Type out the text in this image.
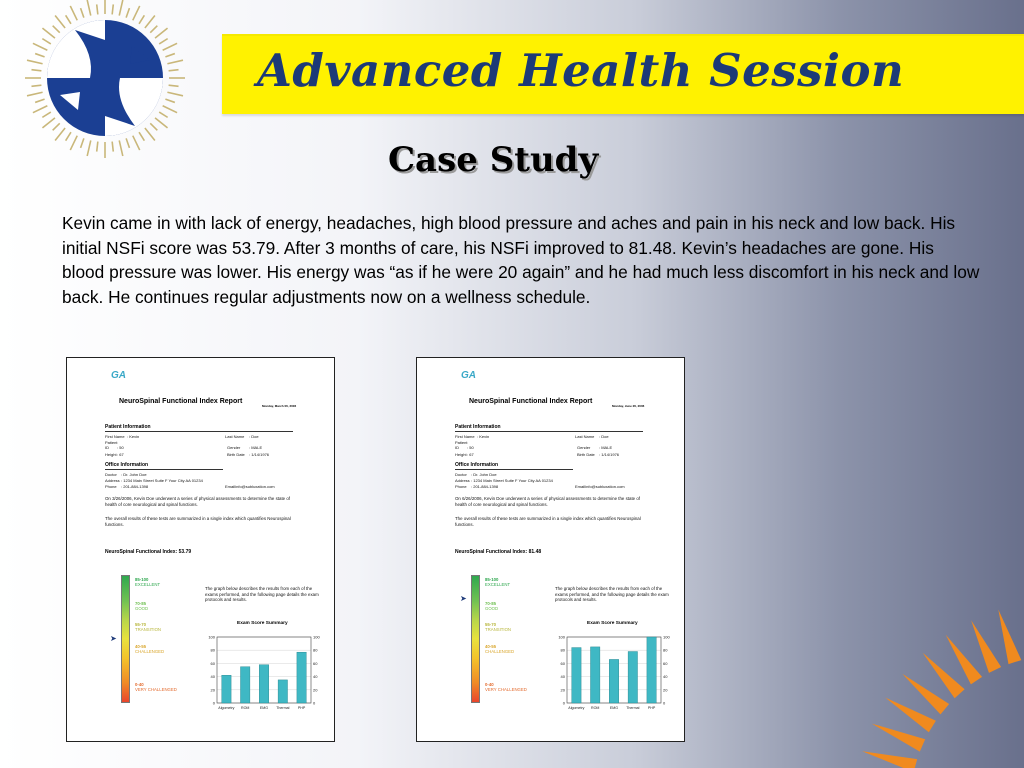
Advanced Health Session
Case Study

Kevin came in with lack of energy, headaches, high blood pressure and aches and pain in his neck and low back. His initial NSFi score was 53.79. After 3 months of care, his NSFi improved to 81.48. Kevin’s headaches are gone. His blood pressure was lower. His energy was “as if he were 20 again” and he had much less discomfort in his neck and low back. He continues regular adjustments now on a wellness schedule.

GA
NeuroSpinal Functional Index Report
Monday, March 06, 2006
Patient Information
First Name : Kevin	Last Name : Doe
Patient ID	: 50	Gender : MALE
Height : 67	Birth Date : 1/14/1976
Office Information
Doctor : Dr. John Doe
Address : 1234 Main Street Suite F Your City AA 01234
Phone : 201-884-1398	Email
: info@subluxation.com
On 3/26/2006, Kevin Doe underwent a series of physical assessments to determine the state of health of core neurological and spinal functions.
The overall results of these tests are summarized in a single index which quantifies Neurospinal functions.
NeuroSpinal Functional Index: 53.79
85-100
EXCELLENT
70-85
GOOD
55-70
TRANSITION
40-55
CHALLENGED
0-40
VERY CHALLENGED
➤
The graph below describes the results from each of the exams performed, and the following page details the exam protocols and results.
Exam Score Summary
0	0
20	20
40	40
60	60
80	80
100	100
Algometry ROM	EMG Thermal PHP
GA
NeuroSpinal Functional Index Report
Monday, June 26, 2006
Patient Information
First Name : Kevin	Last Name : Doe
Patient ID	: 50	Gender : MALE
Height : 67	Birth Date : 1/14/1976
Office Information
Doctor : Dr. John Doe
Address : 1234 Main Street Suite F Your City AA 01234
Phone : 201-884-1398	Email
: info@subluxation.com
On 6/26/2006, Kevin Doe underwent a series of physical assessments to determine the state of health of core neurological and spinal functions.
The overall results of these tests are summarized in a single index which quantifies Neurospinal functions.
NeuroSpinal Functional Index: 81.48
85-100
EXCELLENT
70-85
GOOD
55-70
TRANSITION
40-55
CHALLENGED
0-40
VERY CHALLENGED
➤
The graph below describes the results from each of the exams performed, and the following page details the exam protocols and results.
Exam Score Summary
0	0
20	20
40	40
60	60
80	80
100	100
Algometry ROM	EMG Thermal PHP
